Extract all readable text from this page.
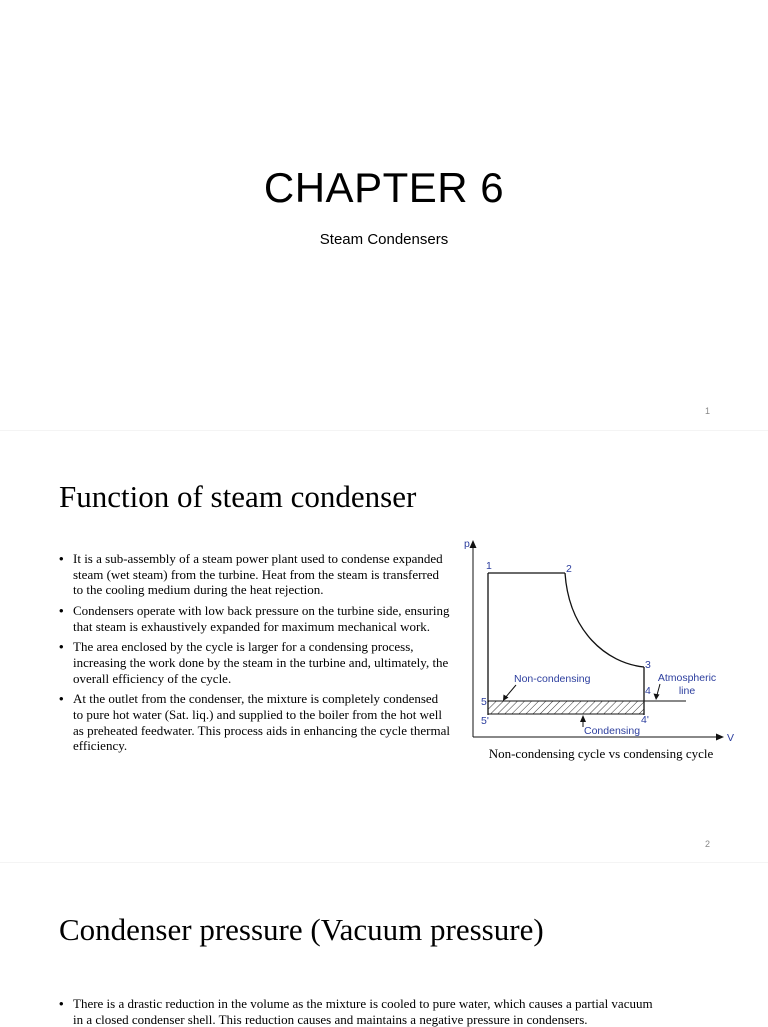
CHAPTER 6
Steam Condensers
1
Function of steam condenser
• It is a sub-assembly of a steam power plant used to condense expanded steam (wet steam) from the turbine. Heat from the steam is transferred to the cooling medium during the heat rejection.
• Condensers operate with low back pressure on the turbine side, ensuring that steam is exhaustively expanded for maximum mechanical work.
• The area enclosed by the cycle is larger for a condensing process, increasing the work done by the steam in the turbine and, ultimately, the overall efficiency of the cycle.
• At the outlet from the condenser, the mixture is completely condensed to pure hot water (Sat. liq.) and supplied to the boiler from the hot well as preheated feedwater. This process aids in enhancing the cycle thermal efficiency.
p
V
1	2
3
4
5
5'	4'
Non-condensing
Condensing
Atmospheric
line
Non-condensing cycle vs condensing cycle
2
Condenser pressure (Vacuum pressure)
• There is a drastic reduction in the volume as the mixture is cooled to pure water, which causes a partial vacuum
in a closed condenser shell. This reduction causes and maintains a negative pressure in condensers.
